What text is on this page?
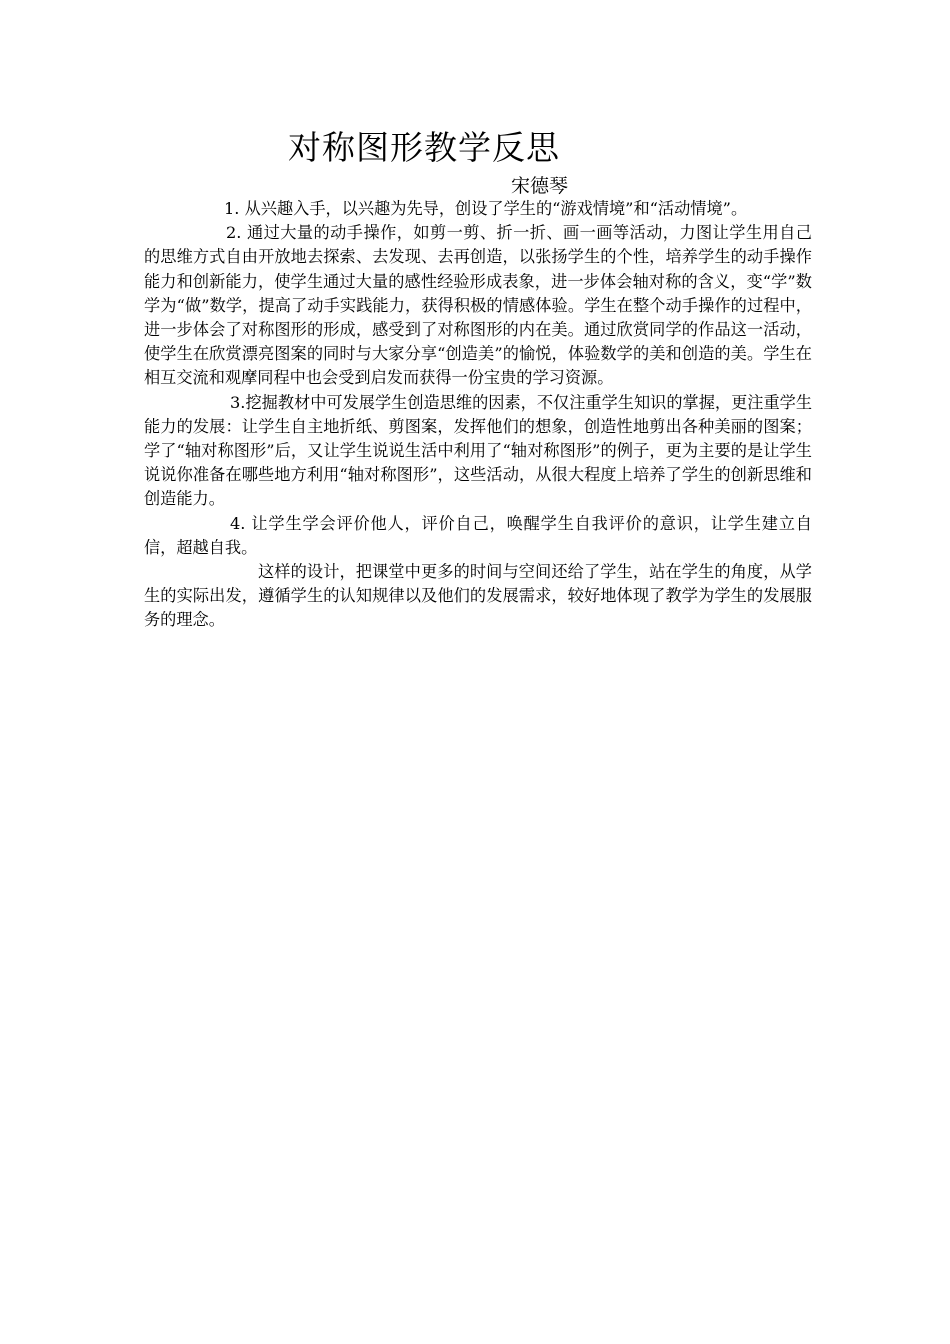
对称图形教学反思
宋德琴

1. 从兴趣入手，以兴趣为先导，创设了学生的“游戏情境”和“活动情境”。

2. 通过大量的动手操作，如剪一剪、折一折、画一画等活动，力图让学生用自己的思维方式自由开放地去探索、去发现、去再创造，以张扬学生的个性，培养学生的动手操作能力和创新能力，使学生通过大量的感性经验形成表象，进一步体会轴对称的含义，变“学”数学为“做”数学，提高了动手实践能力，获得积极的情感体验。学生在整个动手操作的过程中，进一步体会了对称图形的形成，感受到了对称图形的内在美。通过欣赏同学的作品这一活动，使学生在欣赏漂亮图案的同时与大家分享“创造美”的愉悦，体验数学的美和创造的美。学生在相互交流和观摩同程中也会受到启发而获得一份宝贵的学习资源。

3.挖掘教材中可发展学生创造思维的因素，不仅注重学生知识的掌握，更注重学生能力的发展：让学生自主地折纸、剪图案，发挥他们的想象，创造性地剪出各种美丽的图案；学了“轴对称图形”后，又让学生说说生活中利用了“轴对称图形”的例子，更为主要的是让学生说说你准备在哪些地方利用“轴对称图形”，这些活动，从很大程度上培养了学生的创新思维和创造能力。

4. 让学生学会评价他人，评价自己，唤醒学生自我评价的意识，让学生建立自信，超越自我。

这样的设计，把课堂中更多的时间与空间还给了学生，站在学生的角度，从学生的实际出发，遵循学生的认知规律以及他们的发展需求，较好地体现了教学为学生的发展服务的理念。
